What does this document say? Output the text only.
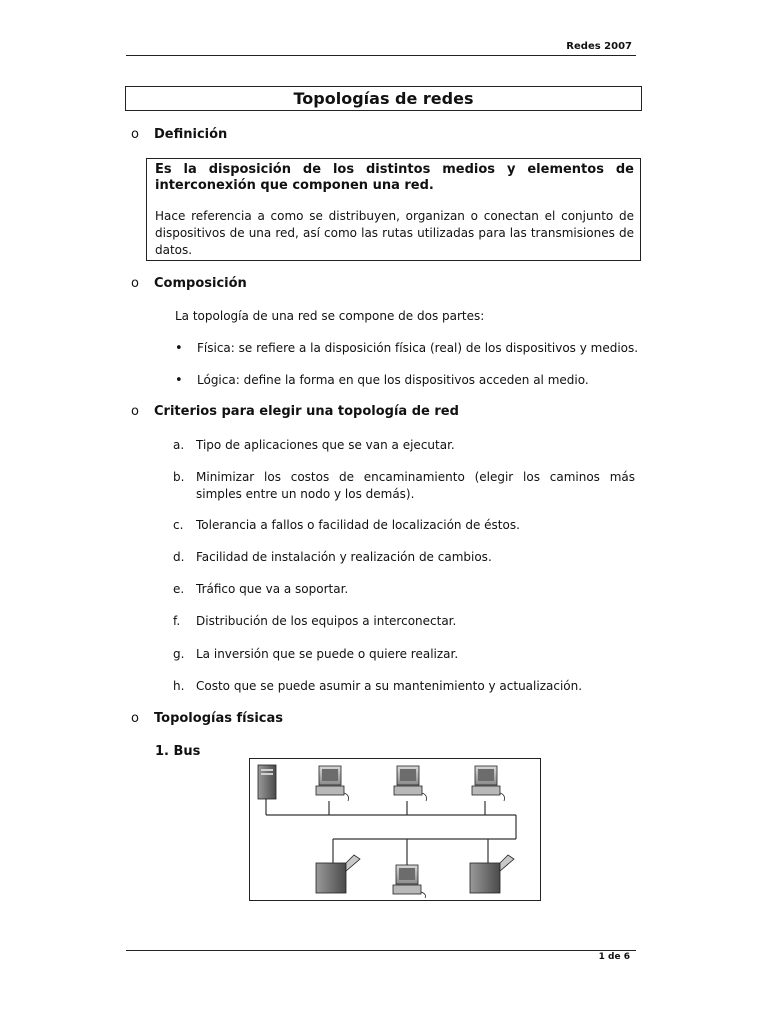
Redes 2007
Topologías de redes
o Definición
Es la disposición de los distintos medios y elementos de interconexión que componen una red.
Hace referencia a como se distribuyen, organizan o conectan el conjunto de dispositivos de una red, así como las rutas utilizadas para las transmisiones de datos.
o Composición
La topología de una red se compone de dos partes:
• Física: se refiere a la disposición física (real) de los dispositivos y medios.
• Lógica: define la forma en que los dispositivos acceden al medio.
o Criterios para elegir una topología de red
a. Tipo de aplicaciones que se van a ejecutar.
b. Minimizar los costos de encaminamiento (elegir los caminos más simples entre un nodo y los demás).
c.	Tolerancia a fallos o facilidad de localización de éstos.
d. Facilidad de instalación y realización de cambios.
e. Tráfico que va a soportar.
f.	Distribución de los equipos a interconectar.
g. La inversión que se puede o quiere realizar.
h. Costo que se puede asumir a su mantenimiento y actualización.
o Topologías físicas
1. Bus
1 de 6
